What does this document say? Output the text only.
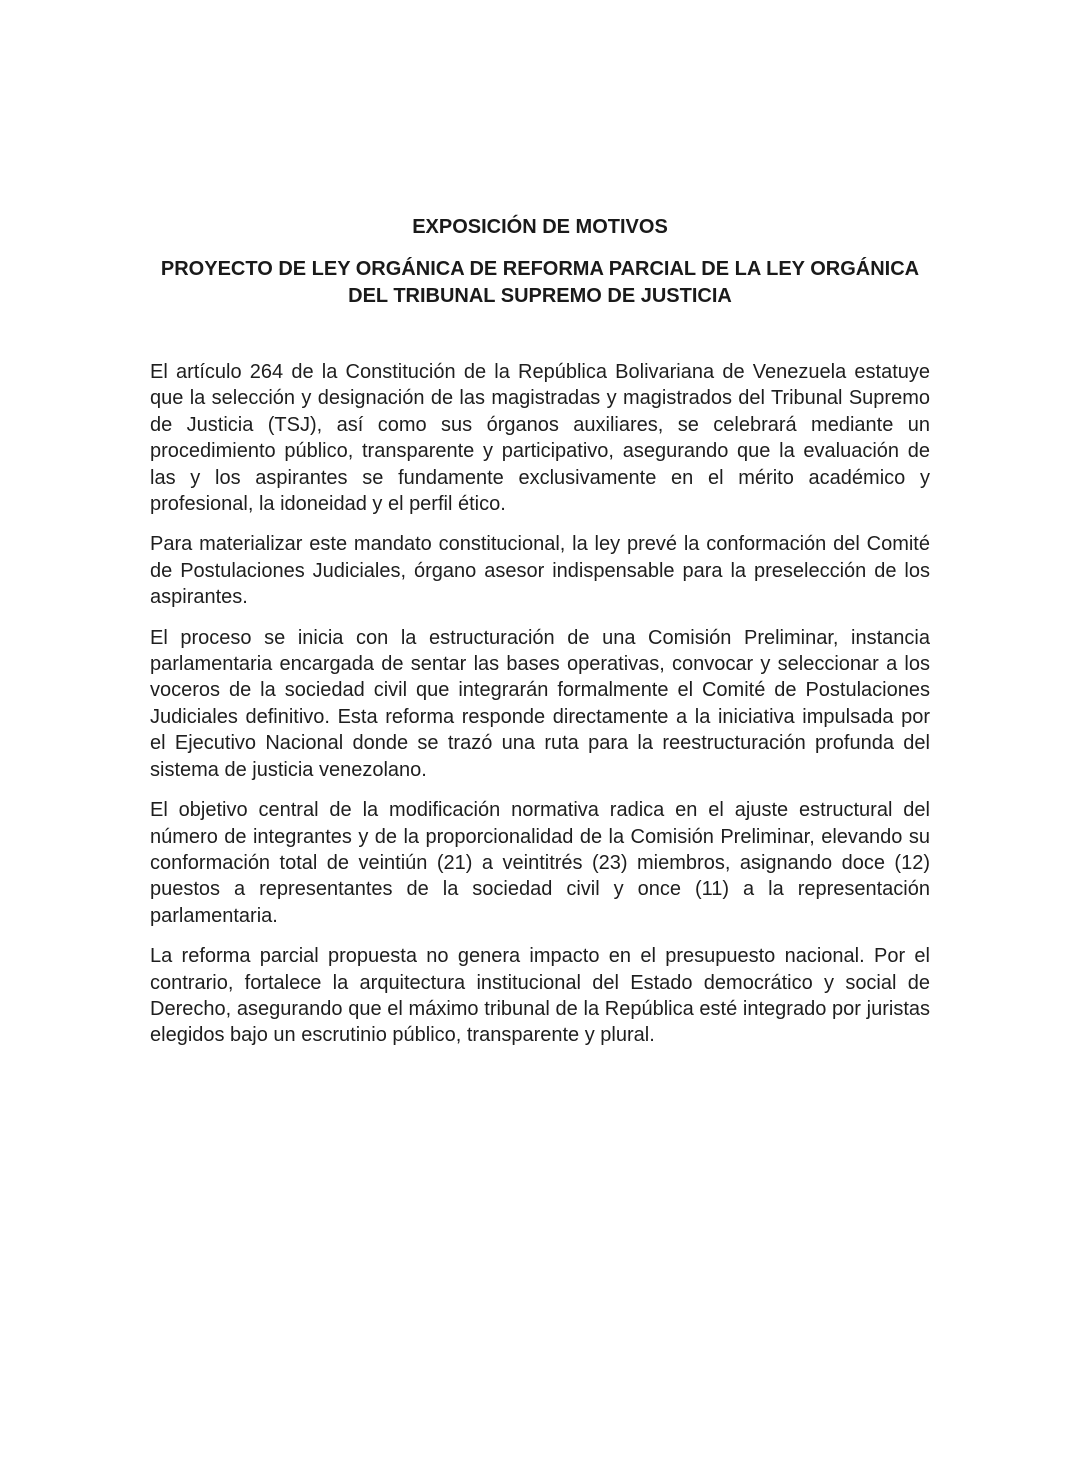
EXPOSICIÓN DE MOTIVOS
PROYECTO DE LEY ORGÁNICA DE REFORMA PARCIAL DE LA LEY ORGÁNICA DEL TRIBUNAL SUPREMO DE JUSTICIA

El artículo 264 de la Constitución de la República Bolivariana de Venezuela estatuye que la selección y designación de las magistradas y magistrados del Tribunal Supremo de Justicia (TSJ), así como sus órganos auxiliares, se celebrará mediante un procedimiento público, transparente y participativo, asegurando que la evaluación de las y los aspirantes se fundamente exclusivamente en el mérito académico y profesional, la idoneidad y el perfil ético.

Para materializar este mandato constitucional, la ley prevé la conformación del Comité de Postulaciones Judiciales, órgano asesor indispensable para la preselección de los aspirantes.

El proceso se inicia con la estructuración de una Comisión Preliminar, instancia parlamentaria encargada de sentar las bases operativas, convocar y seleccionar a los voceros de la sociedad civil que integrarán formalmente el Comité de Postulaciones Judiciales definitivo. Esta reforma responde directamente a la iniciativa impulsada por el Ejecutivo Nacional donde se trazó una ruta para la reestructuración profunda del sistema de justicia venezolano.

El objetivo central de la modificación normativa radica en el ajuste estructural del número de integrantes y de la proporcionalidad de la Comisión Preliminar, elevando su conformación total de veintiún (21) a veintitrés (23) miembros, asignando doce (12) puestos a representantes de la sociedad civil y once (11) a la representación parlamentaria.

La reforma parcial propuesta no genera impacto en el presupuesto nacional. Por el contrario, fortalece la arquitectura institucional del Estado democrático y social de Derecho, asegurando que el máximo tribunal de la República esté integrado por juristas elegidos bajo un escrutinio público, transparente y plural.
